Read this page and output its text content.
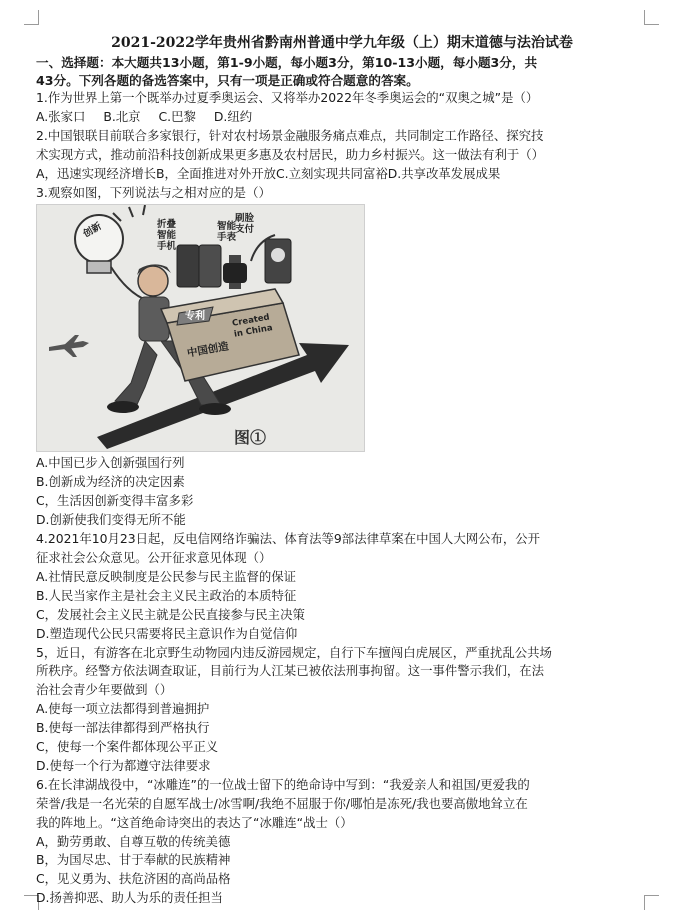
2021-2022学年贵州省黔南州普通中学九年级（上）期末道德与法治试卷
一、选择题：本大题共13小题，第1-9小题，每小题3分，第10-13小题，每小题3分，共
43分。下列各题的备选答案中，只有一项是正确或符合题意的答案。

1.作为世界上第一个既举办过夏季奥运会、又将举办2022年冬季奥运会的“双奥之城”是（）

A.张家口 B.北京 C.巴黎 D.纽约

2.中国银联目前联合多家银行，针对农村场景金融服务痛点难点，共同制定工作路径、探究技

术实现方式，推动前沿科技创新成果更多惠及农村居民，助力乡村振兴。这一做法有利于（）

A，迅速实现经济增长B，全面推进对外开放C.立刻实现共同富裕D.共享改革发展成果

3.观察如图，下列说法与之相对应的是（）

创新	折叠智能手机
智能手表
刷脸支付
专利	Created in China
中国创造
图①

A.中国已步入创新强国行列

B.创新成为经济的决定因素

C，生活因创新变得丰富多彩

D.创新使我们变得无所不能

4.2021年10月23日起，反电信网络诈骗法、体育法等9部法律草案在中国人大网公布，公开

征求社会公众意见。公开征求意见体现（）

A.社情民意反映制度是公民参与民主监督的保证

B.人民当家作主是社会主义民主政治的本质特征

C，发展社会主义民主就是公民直接参与民主决策

D.塑造现代公民只需要将民主意识作为自觉信仰

5，近日，有游客在北京野生动物园内违反游园规定，自行下车擅闯白虎展区，严重扰乱公共场

所秩序。经警方依法调查取证，目前行为人江某已被依法刑事拘留。这一事件警示我们，在法

治社会青少年要做到（）

A.使每一项立法都得到普遍拥护

B.使每一部法律都得到严格执行

C，使每一个案件都体现公平正义

D.使每一个行为都遵守法律要求

6.在长津湖战役中，“冰雕连”的一位战士留下的绝命诗中写到：“我爱亲人和祖国/更爱我的

荣誉/我是一名光荣的自愿军战士/冰雪啊/我绝不屈服于你/哪怕是冻死/我也要高傲地耸立在

我的阵地上。“这首绝命诗突出的表达了“冰雕连“战士（）

A，勤劳勇敢、自尊互敬的传统美德

B，为国尽忠、甘于奉献的民族精神

C，见义勇为、扶危济困的高尚品格

D.扬善抑恶、助人为乐的责任担当
